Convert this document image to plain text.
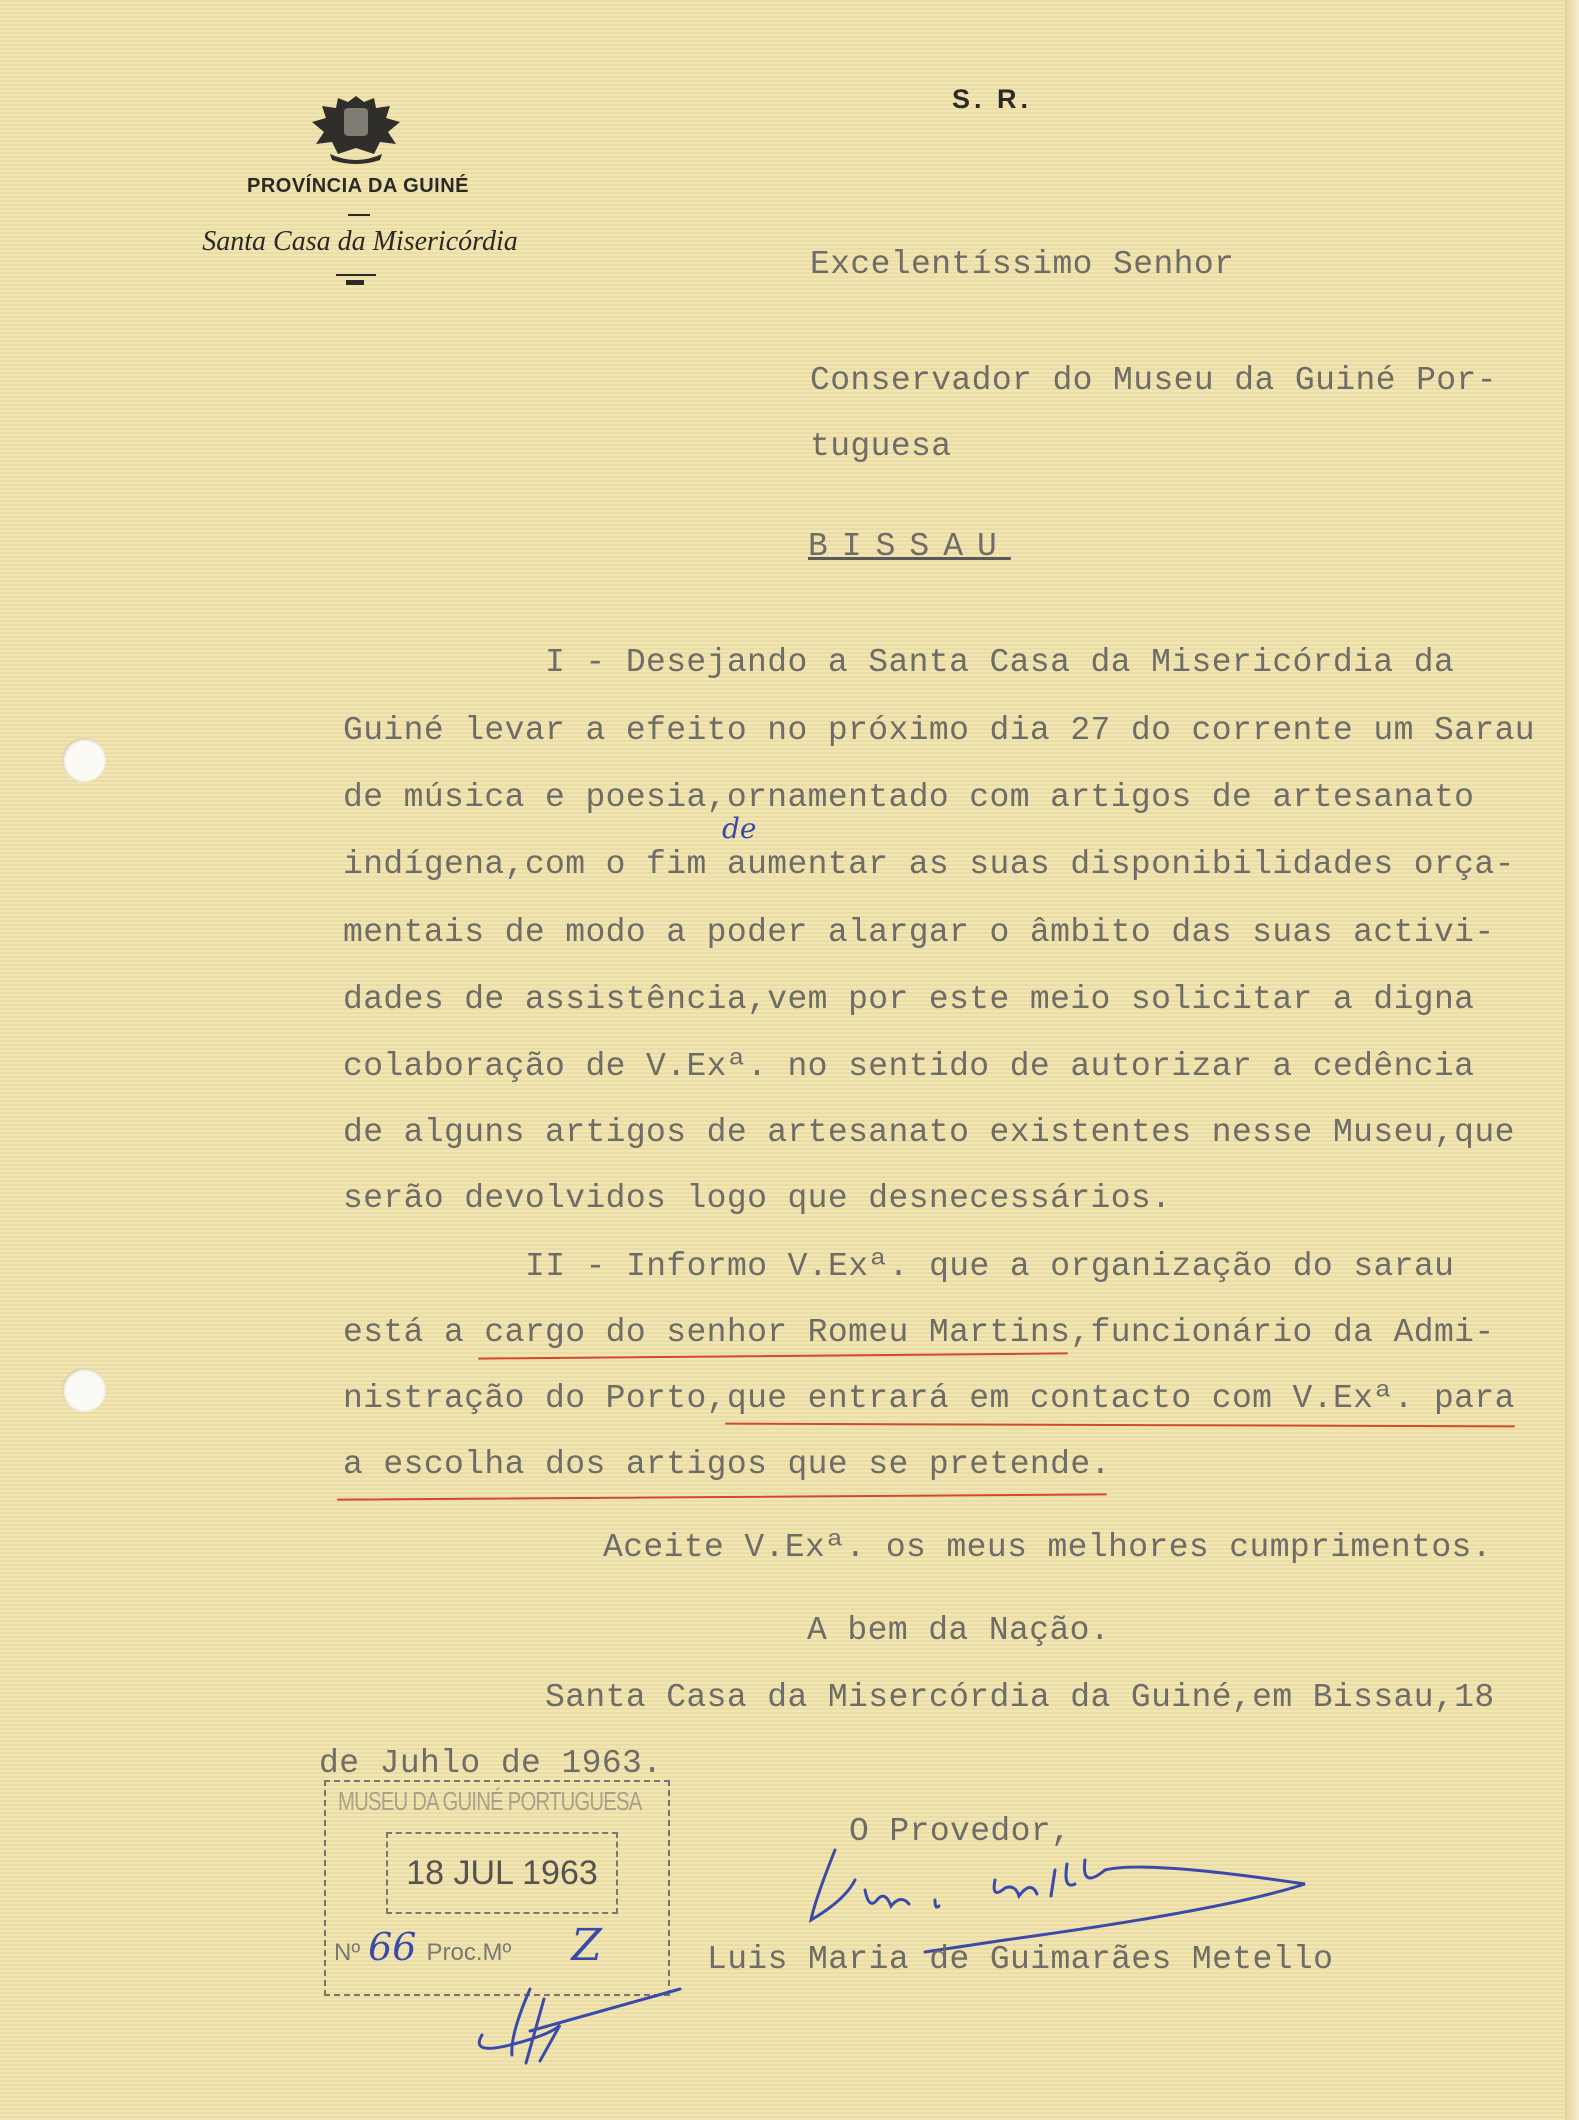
PROVÍNCIA DA GUINÉ
Santa Casa da Misericórdia
S. R.
Excelentíssimo Senhor
Conservador do Museu da Guiné Por-
tuguesa
BISSAU
I - Desejando a Santa Casa da Misericórdia da
Guiné levar a efeito no próximo dia 27 do corrente um Sarau
de música e poesia,ornamentado com artigos de artesanato
indígena,com o fim aumentar as suas disponibilidades orça-
de
mentais de modo a poder alargar o âmbito das suas activi-
dades de assistência,vem por este meio solicitar a digna
colaboração de V.Exª. no sentido de autorizar a cedência
de alguns artigos de artesanato existentes nesse Museu,que
serão devolvidos logo que desnecessários.
II - Informo V.Exª. que a organização do sarau
está a cargo do senhor Romeu Martins,funcionário da Admi-
nistração do Porto,que entrará em contacto com V.Exª. para
a escolha dos artigos que se pretende.
Aceite V.Exª. os meus melhores cumprimentos.
A bem da Nação.
Santa Casa da Misercórdia da Guiné,em Bissau,18
de Juhlo de 1963.
O Provedor,
Luis Maria de Guimarães Metello
MUSEU DA GUINÉ PORTUGUESA
18 JUL 1963
Nº 66 Proc.Mº Z
